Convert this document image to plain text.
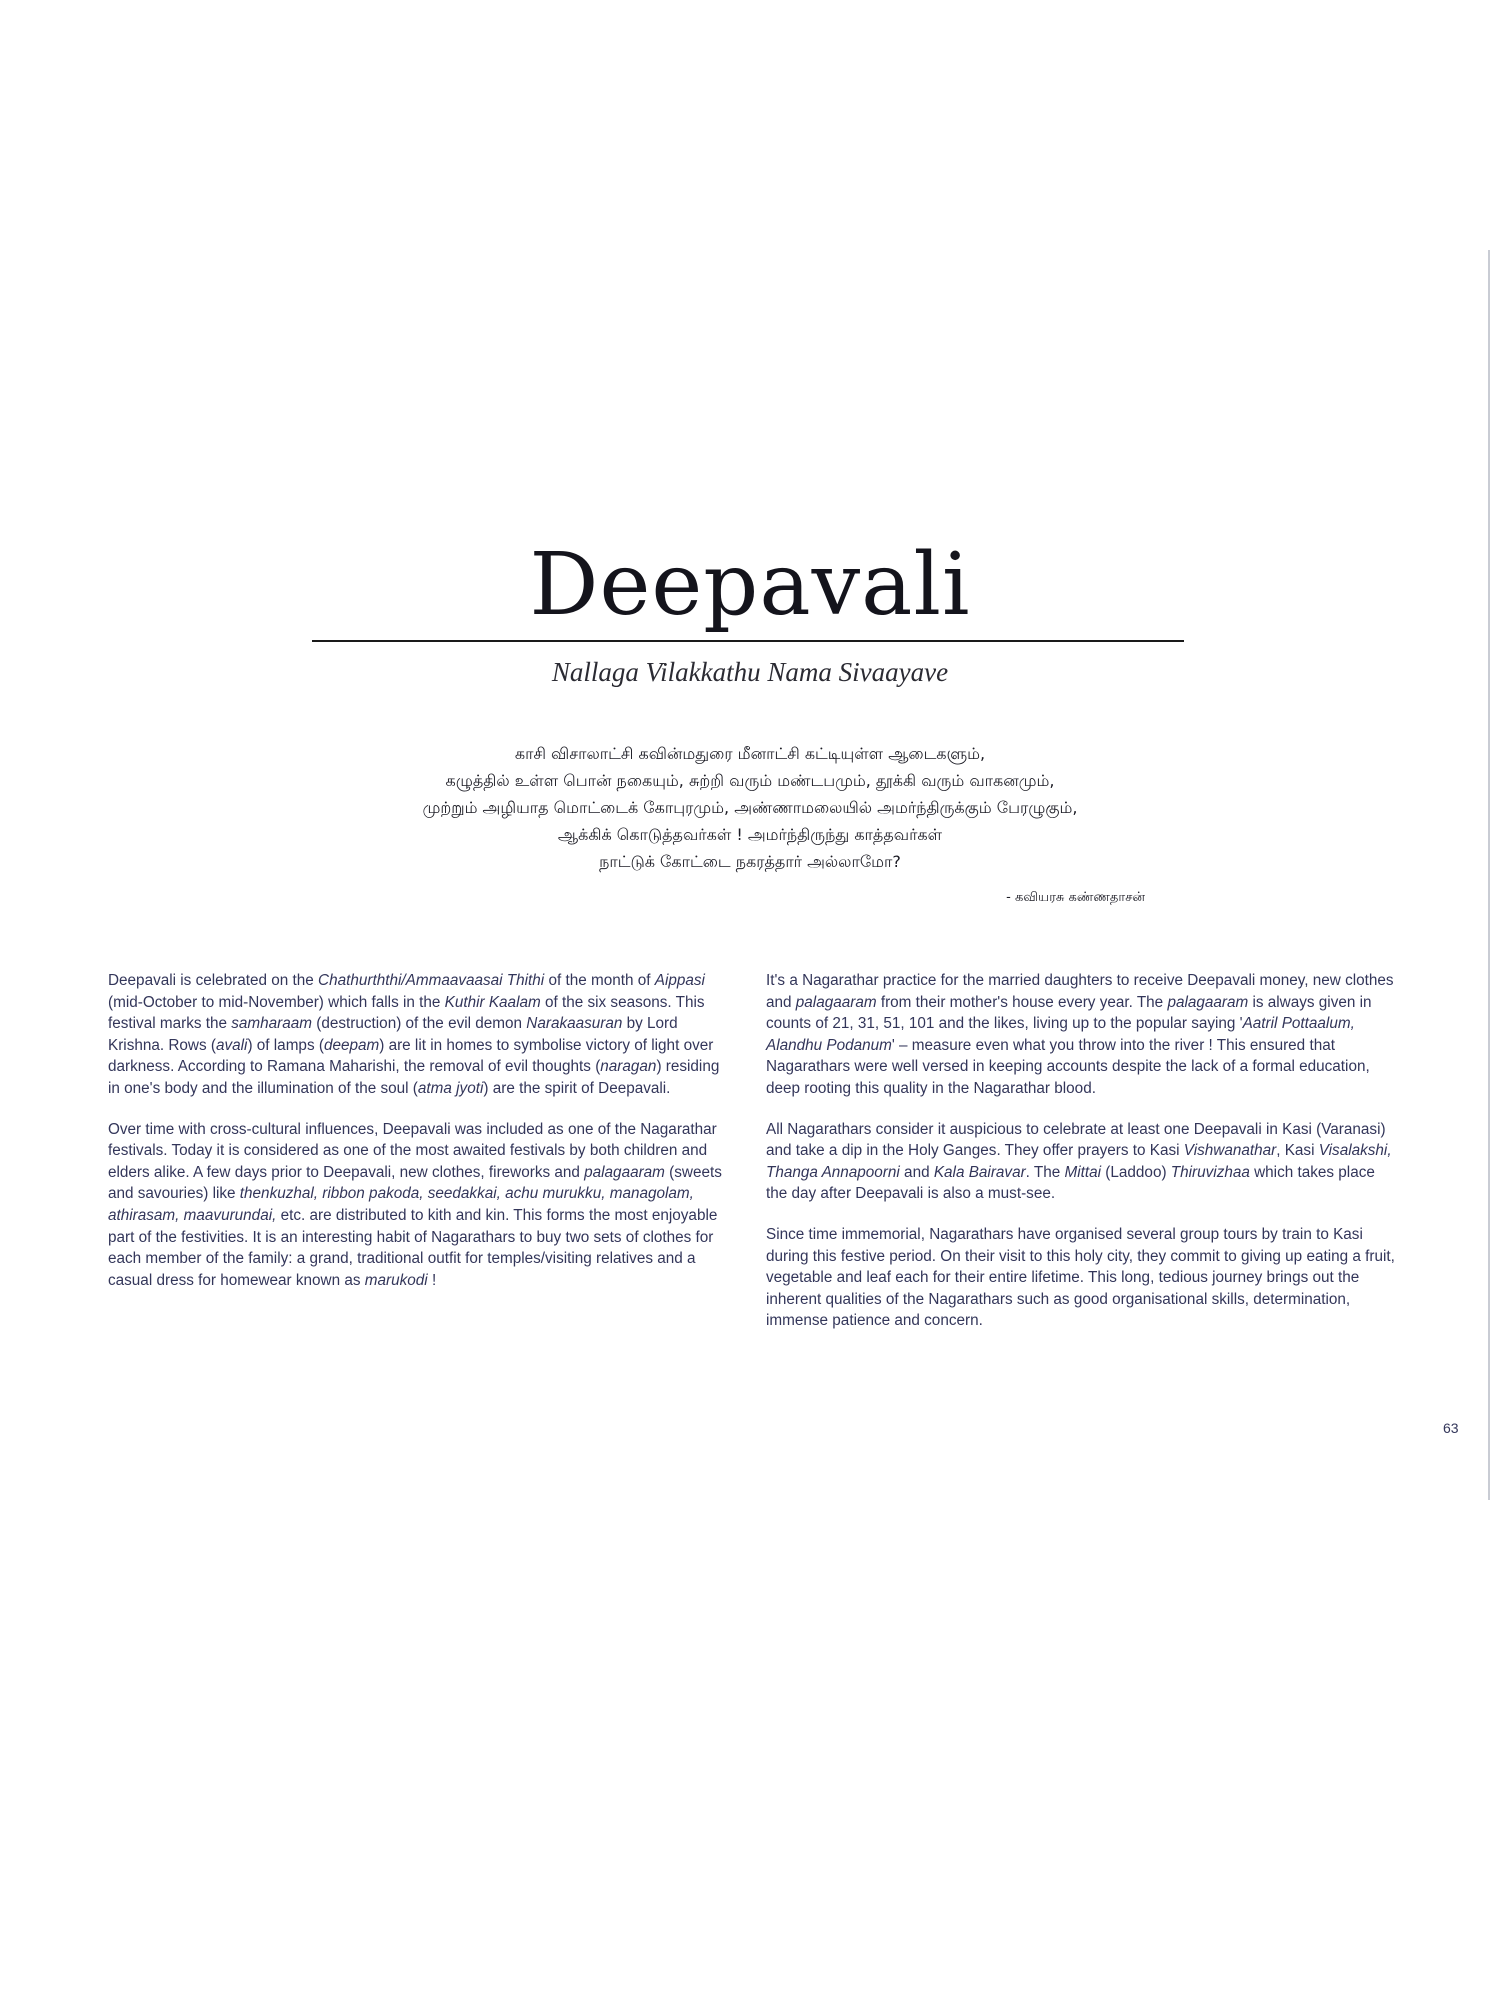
Deepavali
Nallaga Vilakkathu Nama Sivaayave
காசி விசாலாட்சி கவின்மதுரை மீனாட்சி கட்டியுள்ள ஆடைகளும்,
கழுத்தில் உள்ள பொன் நகையும், சுற்றி வரும் மண்டபமும், தூக்கி வரும் வாகனமும்,
முற்றும் அழியாத மொட்டைக் கோபுரமும், அண்ணாமலையில் அமர்ந்திருக்கும் பேரழுகும்,
ஆக்கிக் கொடுத்தவர்கள் ! அமர்ந்திருந்து காத்தவர்கள்
நாட்டுக் கோட்டை நகரத்தார் அல்லாமோ?
- கவியரசு கண்ணதாசன்

Deepavali is celebrated on the Chathurththi/Ammaavaasai Thithi of the month of Aippasi (mid-October to mid-November) which falls in the Kuthir Kaalam of the six seasons. This festival marks the samharaam (destruction) of the evil demon Narakaasuran by Lord Krishna. Rows (avali) of lamps (deepam) are lit in homes to symbolise victory of light over darkness. According to Ramana Maharishi, the removal of evil thoughts (naragan) residing in one's body and the illumination of the soul (atma jyoti) are the spirit of Deepavali.

Over time with cross-cultural influences, Deepavali was included as one of the Nagarathar festivals. Today it is considered as one of the most awaited festivals by both children and elders alike. A few days prior to Deepavali, new clothes, fireworks and palagaaram (sweets and savouries) like thenkuzhal, ribbon pakoda, seedakkai, achu murukku, managolam, athirasam, maavurundai, etc. are distributed to kith and kin. This forms the most enjoyable part of the festivities. It is an interesting habit of Nagarathars to buy two sets of clothes for each member of the family: a grand, traditional outfit for temples/visiting relatives and a casual dress for homewear known as marukodi !

It's a Nagarathar practice for the married daughters to receive Deepavali money, new clothes and palagaaram from their mother's house every year. The palagaaram is always given in counts of 21, 31, 51, 101 and the likes, living up to the popular saying 'Aatril Pottaalum, Alandhu Podanum' – measure even what you throw into the river ! This ensured that Nagarathars were well versed in keeping accounts despite the lack of a formal education, deep rooting this quality in the Nagarathar blood.

All Nagarathars consider it auspicious to celebrate at least one Deepavali in Kasi (Varanasi) and take a dip in the Holy Ganges. They offer prayers to Kasi Vishwanathar, Kasi Visalakshi, Thanga Annapoorni and Kala Bairavar. The Mittai (Laddoo) Thiruvizhaa which takes place the day after Deepavali is also a must-see.

Since time immemorial, Nagarathars have organised several group tours by train to Kasi during this festive period. On their visit to this holy city, they commit to giving up eating a fruit, vegetable and leaf each for their entire lifetime. This long, tedious journey brings out the inherent qualities of the Nagarathars such as good organisational skills, determination, immense patience and concern.

63
